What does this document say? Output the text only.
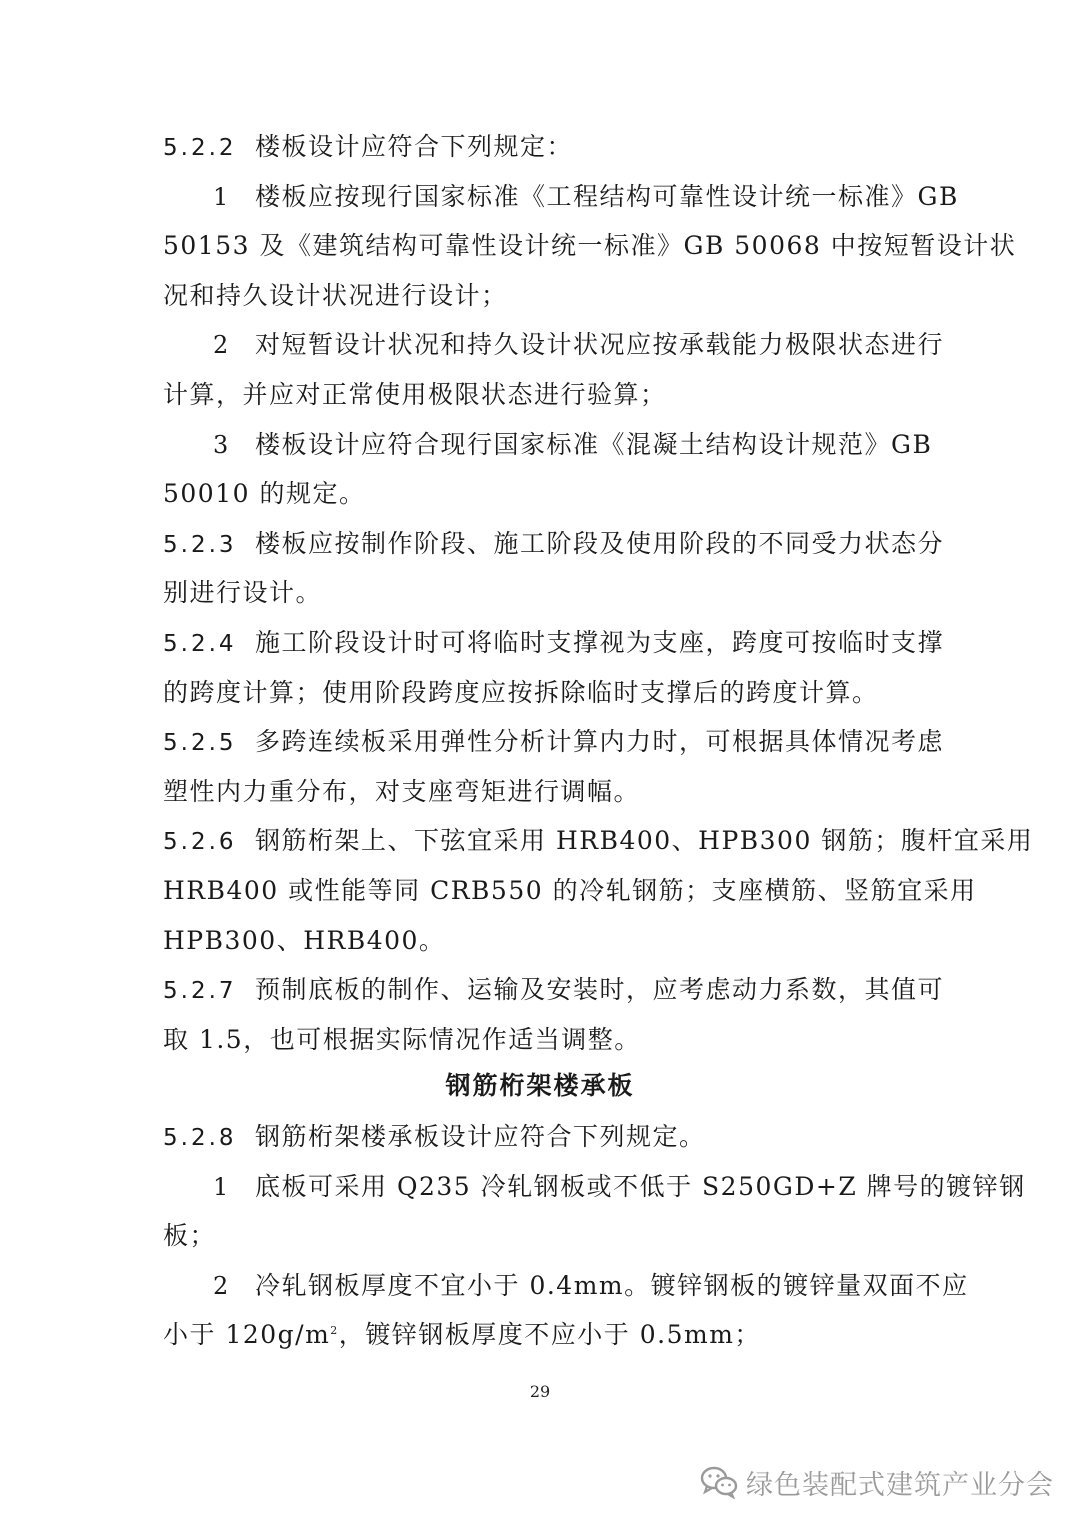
5.2.2 楼板设计应符合下列规定：
1 楼板应按现行国家标准《工程结构可靠性设计统一标准》GB
50153 及《建筑结构可靠性设计统一标准》GB 50068 中按短暂设计状
况和持久设计状况进行设计；
2 对短暂设计状况和持久设计状况应按承载能力极限状态进行
计算，并应对正常使用极限状态进行验算；
3 楼板设计应符合现行国家标准《混凝土结构设计规范》GB
50010 的规定。
5.2.3 楼板应按制作阶段、施工阶段及使用阶段的不同受力状态分
别进行设计。
5.2.4 施工阶段设计时可将临时支撑视为支座，跨度可按临时支撑
的跨度计算；使用阶段跨度应按拆除临时支撑后的跨度计算。
5.2.5 多跨连续板采用弹性分析计算内力时，可根据具体情况考虑
塑性内力重分布，对支座弯矩进行调幅。
5.2.6 钢筋桁架上、下弦宜采用 HRB400、HPB300 钢筋；腹杆宜采用
HRB400 或性能等同 CRB550 的冷轧钢筋；支座横筋、竖筋宜采用
HPB300、HRB400。
5.2.7 预制底板的制作、运输及安装时，应考虑动力系数，其值可
取 1.5，也可根据实际情况作适当调整。
钢筋桁架楼承板
5.2.8 钢筋桁架楼承板设计应符合下列规定。
1 底板可采用 Q235 冷轧钢板或不低于 S250GD+Z 牌号的镀锌钢
板；
2 冷轧钢板厚度不宜小于 0.4mm。镀锌钢板的镀锌量双面不应
小于 $120g/m^2$，镀锌钢板厚度不应小于 0.5mm；
29
绿色装配式建筑产业分会
